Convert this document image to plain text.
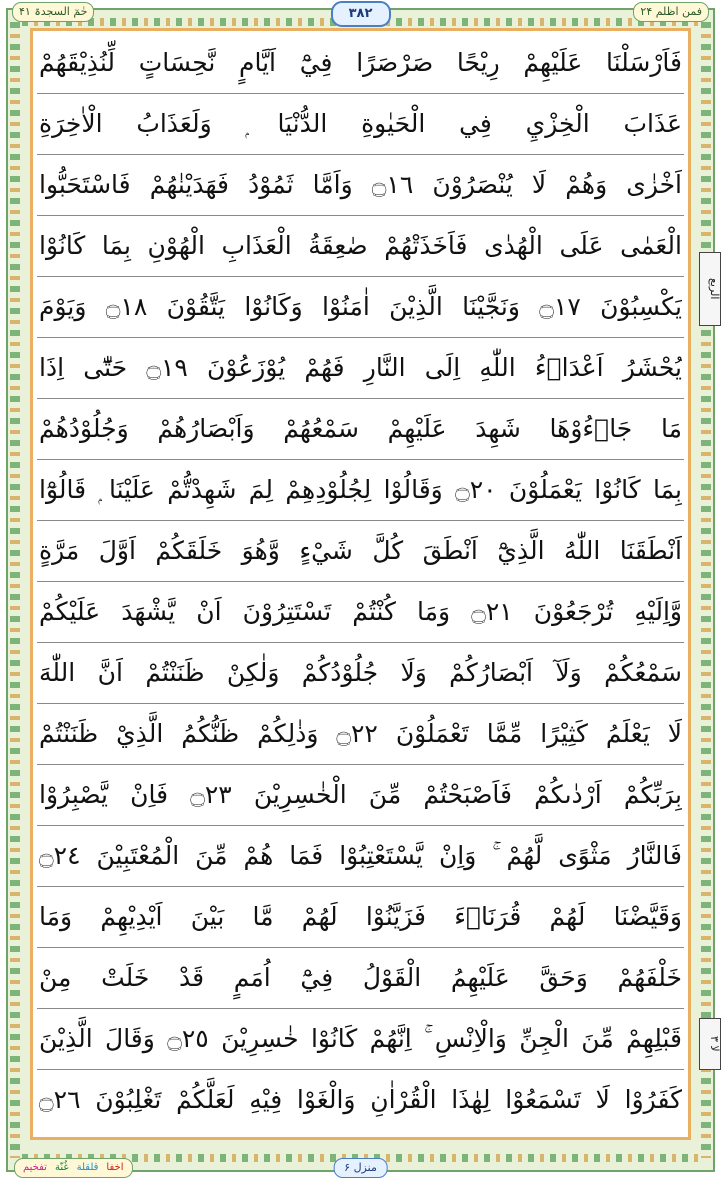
حٰمٓ السجدۃ ۴۱	فمن اظلم ۲۴
۳۸۲
فَاَرْسَلْنَا عَلَيْهِمْ رِيْحًا صَرْصَرًا فِيْٓ اَيَّامٍ نَّحِسَاتٍ لِّنُذِيْقَهُمْ
عَذَابَ الْخِزْيِ فِي الْحَيٰوةِ الدُّنْيَا ۭ وَلَعَذَابُ الْاٰخِرَةِ
اَخْزٰى وَهُمْ لَا يُنْصَرُوْنَ ۝١٦ وَاَمَّا ثَمُوْدُ فَهَدَيْنٰهُمْ فَاسْتَحَبُّوا
الْعَمٰى عَلَى الْهُدٰى فَاَخَذَتْهُمْ صٰعِقَةُ الْعَذَابِ الْهُوْنِ بِمَا كَانُوْا
يَكْسِبُوْنَ ۝١٧ وَنَجَّيْنَا الَّذِيْنَ اٰمَنُوْا وَكَانُوْا يَتَّقُوْنَ ۝١٨ وَيَوْمَ
يُحْشَرُ اَعْدَاۗءُ اللّٰهِ اِلَى النَّارِ فَهُمْ يُوْزَعُوْنَ ۝١٩ حَتّٰٓى اِذَا
مَا جَاۗءُوْهَا شَهِدَ عَلَيْهِمْ سَمْعُهُمْ وَاَبْصَارُهُمْ وَجُلُوْدُهُمْ
بِمَا كَانُوْا يَعْمَلُوْنَ ۝٢٠ وَقَالُوْا لِجُلُوْدِهِمْ لِمَ شَهِدْتُّمْ عَلَيْنَا ۭ قَالُوْٓا
اَنْطَقَنَا اللّٰهُ الَّذِيْٓ اَنْطَقَ كُلَّ شَيْءٍ وَّهُوَ خَلَقَكُمْ اَوَّلَ مَرَّةٍ
وَّاِلَيْهِ تُرْجَعُوْنَ ۝٢١ وَمَا كُنْتُمْ تَسْتَتِرُوْنَ اَنْ يَّشْهَدَ عَلَيْكُمْ
سَمْعُكُمْ وَلَآ اَبْصَارُكُمْ وَلَا جُلُوْدُكُمْ وَلٰكِنْ ظَنَنْتُمْ اَنَّ اللّٰهَ
لَا يَعْلَمُ كَثِيْرًا مِّمَّا تَعْمَلُوْنَ ۝٢٢ وَذٰلِكُمْ ظَنُّكُمُ الَّذِيْ ظَنَنْتُمْ
بِرَبِّكُمْ اَرْدٰىكُمْ فَاَصْبَحْتُمْ مِّنَ الْخٰسِرِيْنَ ۝٢٣ فَاِنْ يَّصْبِرُوْا
فَالنَّارُ مَثْوًى لَّهُمْ ۚ وَاِنْ يَّسْتَعْتِبُوْا فَمَا هُمْ مِّنَ الْمُعْتَبِيْنَ ۝٢٤
وَقَيَّضْنَا لَهُمْ قُرَنَاۗءَ فَزَيَّنُوْا لَهُمْ مَّا بَيْنَ اَيْدِيْهِمْ وَمَا
خَلْفَهُمْ وَحَقَّ عَلَيْهِمُ الْقَوْلُ فِيْٓ اُمَمٍ قَدْ خَلَتْ مِنْ
قَبْلِهِمْ مِّنَ الْجِنِّ وَالْاِنْسِ ۚ اِنَّهُمْ كَانُوْا خٰسِرِيْنَ ۝٢٥ وَقَالَ الَّذِيْنَ
كَفَرُوْا لَا تَسْمَعُوْا لِهٰذَا الْقُرْاٰنِ وَالْغَوْا فِيْهِ لَعَلَّكُمْ تَغْلِبُوْنَ ۝٢٦
الربع
لا ۳
اخفا
قلقلة
غُنّة
تفخیم	منزل ۶
